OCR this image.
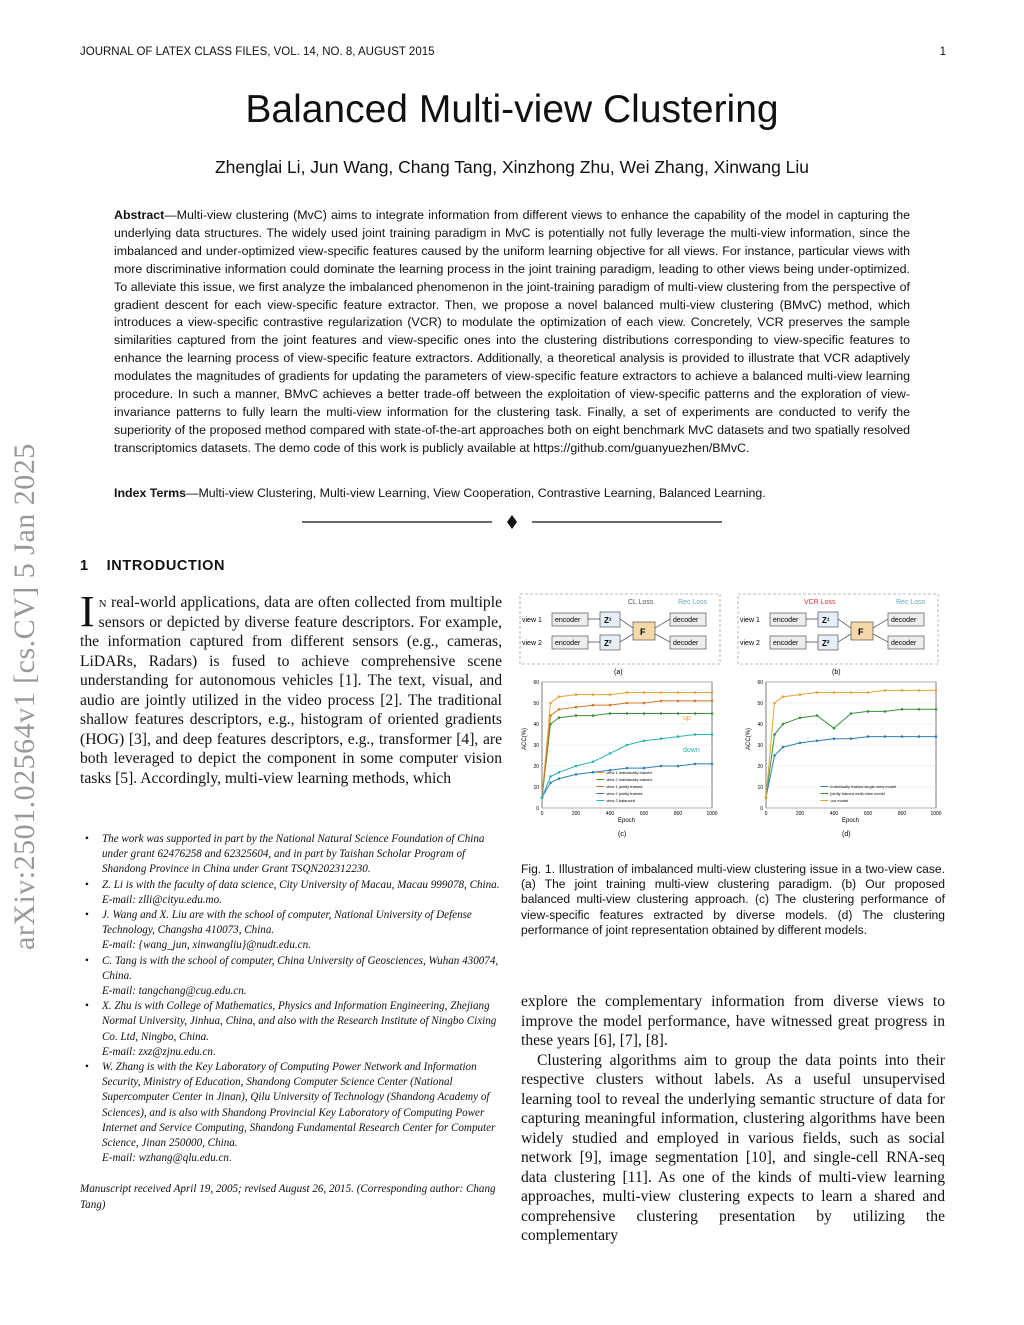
JOURNAL OF LATEX CLASS FILES, VOL. 14, NO. 8, AUGUST 2015	1
Balanced Multi-view Clustering
Zhenglai Li, Jun Wang, Chang Tang, Xinzhong Zhu, Wei Zhang, Xinwang Liu
Abstract—Multi-view clustering (MvC) aims to integrate information from different views to enhance the capability of the model in capturing the underlying data structures. The widely used joint training paradigm in MvC is potentially not fully leverage the multi-view information, since the imbalanced and under-optimized view-specific features caused by the uniform learning objective for all views. For instance, particular views with more discriminative information could dominate the learning process in the joint training paradigm, leading to other views being under-optimized. To alleviate this issue, we first analyze the imbalanced phenomenon in the joint-training paradigm of multi-view clustering from the perspective of gradient descent for each view-specific feature extractor. Then, we propose a novel balanced multi-view clustering (BMvC) method, which introduces a view-specific contrastive regularization (VCR) to modulate the optimization of each view. Concretely, VCR preserves the sample similarities captured from the joint features and view-specific ones into the clustering distributions corresponding to view-specific features to enhance the learning process of view-specific feature extractors. Additionally, a theoretical analysis is provided to illustrate that VCR adaptively modulates the magnitudes of gradients for updating the parameters of view-specific feature extractors to achieve a balanced multi-view learning procedure. In such a manner, BMvC achieves a better trade-off between the exploitation of view-specific patterns and the exploration of view-invariance patterns to fully learn the multi-view information for the clustering task. Finally, a set of experiments are conducted to verify the superiority of the proposed method compared with state-of-the-art approaches both on eight benchmark MvC datasets and two spatially resolved transcriptomics datasets. The demo code of this work is publicly available at https://github.com/guanyuezhen/BMvC.
Index Terms—Multi-view Clustering, Multi-view Learning, View Cooperation, Contrastive Learning, Balanced Learning.
arXiv:2501.02564v1 [cs.CV] 5 Jan 2025	1 INTRODUCTION
In real-world applications, data are often collected from multiple sensors or depicted by diverse feature descriptors. For example, the information captured from different sensors (e.g., cameras, LiDARs, Radars) is fused to achieve comprehensive scene understanding for autonomous vehicles [1]. The text, visual, and audio are jointly utilized in the video process [2]. The traditional shallow features descriptors, e.g., histogram of oriented gradients (HOG) [3], and deep features descriptors, e.g., transformer [4], are both leveraged to depict the component in some computer vision tasks [5]. Accordingly, multi-view learning methods, which
• The work was supported in part by the National Natural Science Foundation of China under grant 62476258 and 62325604, and in part by Taishan Scholar Program of Shandong Province in China under Grant TSQN202312230.
• Z. Li is with the faculty of data science, City University of Macau, Macau 999078, China.
E-mail: zlli@cityu.edu.mo.
• J. Wang and X. Liu are with the school of computer, National University of Defense Technology, Changsha 410073, China.
E-mail: {wang_jun, xinwangliu}@nudt.edu.cn.
• C. Tang is with the school of computer, China University of Geosciences, Wuhan 430074, China.
E-mail: tangchang@cug.edu.cn.
• X. Zhu is with College of Mathematics, Physics and Information Engineering, Zhejiang Normal University, Jinhua, China, and also with the Research Institute of Ningbo Cixing Co. Ltd, Ningbo, China.
E-mail: zxz@zjnu.edu.cn.
• W. Zhang is with the Key Laboratory of Computing Power Network and Information Security, Ministry of Education, Shandong Computer Science Center (National Supercomputer Center in Jinan), Qilu University of Technology (Shandong Academy of Sciences), and is also with Shandong Provincial Key Laboratory of Computing Power Internet and Service Computing, Shandong Fundamental Research Center for Computer Science, Jinan 250000, China.
E-mail: wzhang@qlu.edu.cn.
Manuscript received April 19, 2005; revised August 26, 2015. (Corresponding author: Chang Tang)
view 1
view 2
encoder
encoder
Z¹
Z²
F
decoder
decoder
CL Loss	Rec Loss
(a)
view 1
view 2
encoder
encoder
Z¹
Z²
F
decoder
decoder
VCR Loss	Rec Loss
(b)
0
10
20
30
40
50
60
0	200	400	600	800	1000
view 1 individually trained
view 2 individually trained
view 1 jointly trained
view 2 jointly trained
view 2 balanced
up
down
Epoch
ACC(%)
(c)
0
10
20
30
40
50
60
0	200	400	600	800	1000
individually trained single-view model
jointly trained multi-view model
our model
Epoch
ACC(%)
(d)
Fig. 1. Illustration of imbalanced multi-view clustering issue in a two-view case. (a) The joint training multi-view clustering paradigm. (b) Our proposed balanced multi-view clustering approach. (c) The clustering performance of view-specific features extracted by diverse models. (d) The clustering performance of joint representation obtained by different models.

explore the complementary information from diverse views to improve the model performance, have witnessed great progress in these years [6], [7], [8].

Clustering algorithms aim to group the data points into their respective clusters without labels. As a useful unsupervised learning tool to reveal the underlying semantic structure of data for capturing meaningful information, clustering algorithms have been widely studied and employed in various fields, such as social network [9], image segmentation [10], and single-cell RNA-seq data clustering [11]. As one of the kinds of multi-view learning approaches, multi-view clustering expects to learn a shared and comprehensive clustering presentation by utilizing the complementary
